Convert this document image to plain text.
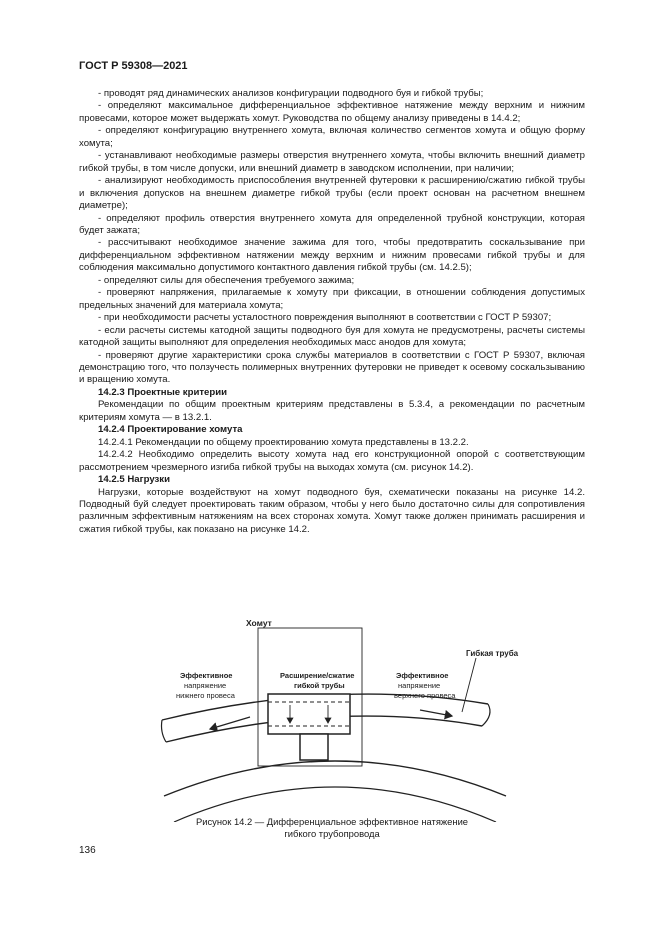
ГОСТ Р 59308—2021

- проводят ряд динамических анализов конфигурации подводного буя и гибкой трубы;

- определяют максимальное дифференциальное эффективное натяжение между верхним и нижним провесами, которое может выдержать хомут. Руководства по общему анализу приведены в 14.4.2;

- определяют конфигурацию внутреннего хомута, включая количество сегментов хомута и общую форму хомута;

- устанавливают необходимые размеры отверстия внутреннего хомута, чтобы включить внешний диаметр гибкой трубы, в том числе допуски, или внешний диаметр в заводском исполнении, при наличии;

- анализируют необходимость приспособления внутренней футеровки к расширению/сжатию гибкой трубы и включения допусков на внешнем диаметре гибкой трубы (если проект основан на расчетном внешнем диаметре);

- определяют профиль отверстия внутреннего хомута для определенной трубной конструкции, которая будет зажата;

- рассчитывают необходимое значение зажима для того, чтобы предотвратить соскальзывание при дифференциальном эффективном натяжении между верхним и нижним провесами гибкой трубы и для соблюдения максимально допустимого контактного давления гибкой трубы (см. 14.2.5);

- определяют силы для обеспечения требуемого зажима;

- проверяют напряжения, прилагаемые к хомуту при фиксации, в отношении соблюдения допустимых предельных значений для материала хомута;

- при необходимости расчеты усталостного повреждения выполняют в соответствии с ГОСТ Р 59307;

- если расчеты системы катодной защиты подводного буя для хомута не предусмотрены, расчеты системы катодной защиты выполняют для определения необходимых масс анодов для хомута;

- проверяют другие характеристики срока службы материалов в соответствии с ГОСТ Р 59307, включая демонстрацию того, что ползучесть полимерных внутренних футеровки не приведет к осевому соскальзыванию и вращению хомута.

14.2.3 Проектные критерии

Рекомендации по общим проектным критериям представлены в 5.3.4, а рекомендации по расчетным критериям хомута — в 13.2.1.

14.2.4 Проектирование хомута

14.2.4.1 Рекомендации по общему проектированию хомута представлены в 13.2.2.

14.2.4.2 Необходимо определить высоту хомута над его конструкционной опорой с соответствующим рассмотрением чрезмерного изгиба гибкой трубы на выходах хомута (см. рисунок 14.2).

14.2.5 Нагрузки

Нагрузки, которые воздействуют на хомут подводного буя, схематически показаны на рисунке 14.2. Подводный буй следует проектировать таким образом, чтобы у него было достаточно силы для сопротивления различным эффективным натяжениям на всех сторонах хомута. Хомут также должен принимать расширения и сжатия гибкой трубы, как показано на рисунке 14.2.

Хомут
Гибкая труба
Эффективное
напряжение
нижнего провеса
Расширение/сжатие
гибкой трубы
Эффективное
напряжение
верхнего провеса
Рисунок 14.2 — Дифференциальное эффективное натяжение
гибкого трубопровода
136
